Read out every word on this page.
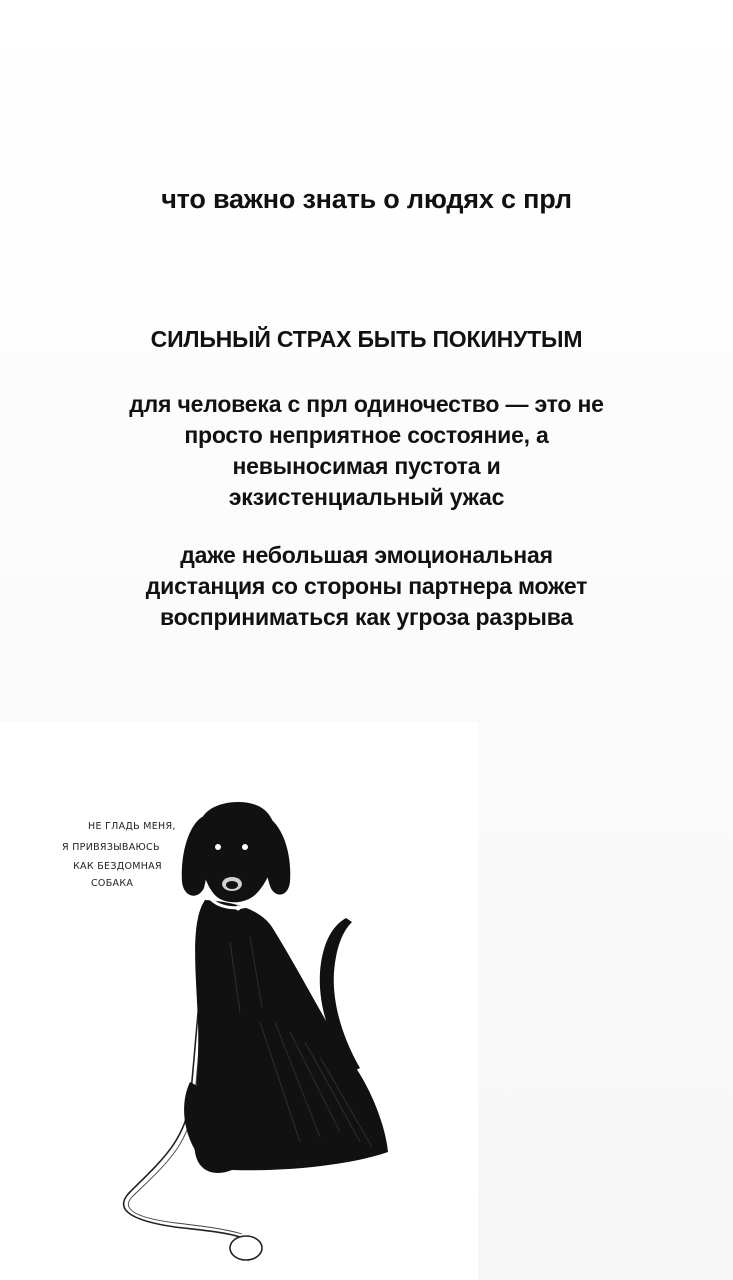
что важно знать о людях с прл
СИЛЬНЫЙ СТРАХ БЫТЬ ПОКИНУТЫМ
для человека с прл одиночество — это не
просто неприятное состояние, а
невыносимая пустота и
экзистенциальный ужас
даже небольшая эмоциональная
дистанция со стороны партнера может
восприниматься как угроза разрыва
НЕ ГЛАДЬ МЕНЯ,
Я ПРИВЯЗЫВАЮСЬ
КАК БЕЗДОМНАЯ
СОБАКА
